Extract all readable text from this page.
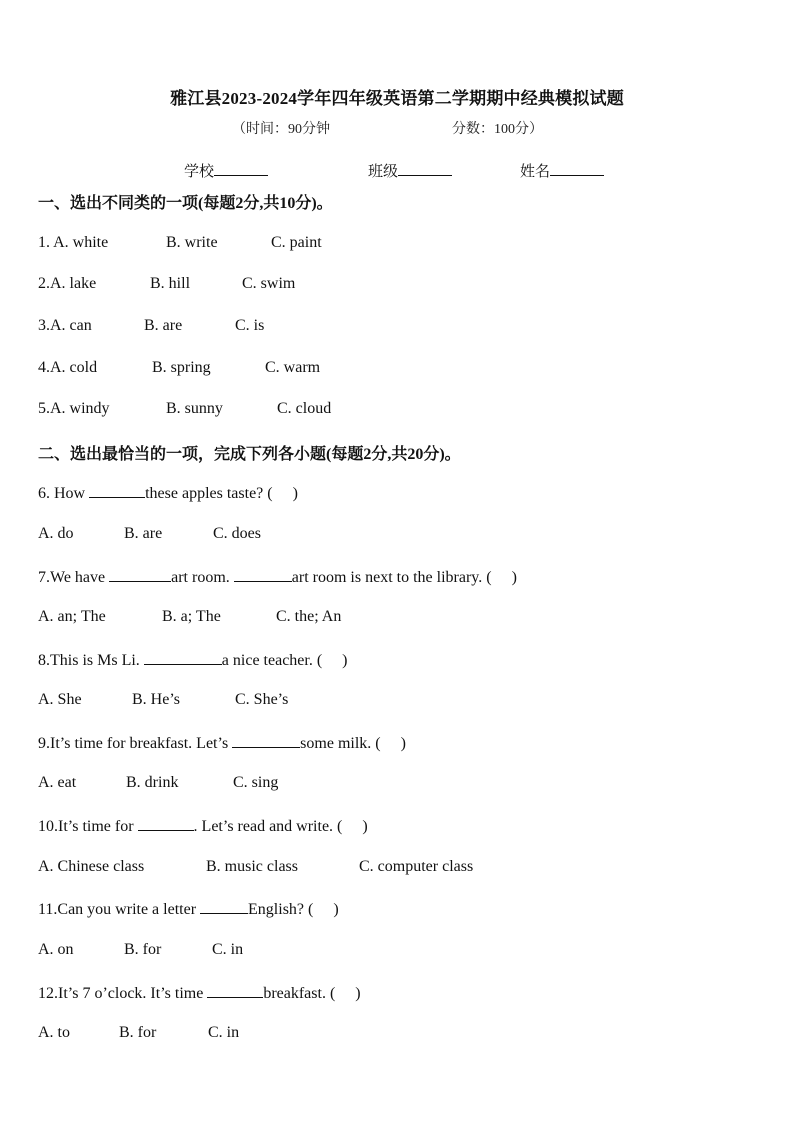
雅江县2023-2024学年四年级英语第二学期期中经典模拟试题
（时间：90分钟	分数：100分）
学校	班级	姓名
一、选出不同类的一项(每题2分,共10分)。
1. A. white	B. write	C. paint
2.A. lake	B. hill	C. swim
3.A. can	B. are	C. is
4.A. cold	B. spring	C. warm
5.A. windy	B. sunny	C. cloud
二、选出最恰当的一项，完成下列各小题(每题2分,共20分)。
6. How	these apples taste? (     )
A. do	B. are	C. does
7.We have	art room.	art room is next to the library. (     )
A. an; The	B. a; The	C. the; An
8.This is Ms Li.	a nice teacher. (     )
A. She	B. He’s	C. She’s
9.It’s time for breakfast. Let’s	some milk. (     )
A. eat	B. drink	C. sing
10.It’s time for	. Let’s read and write. (     )
A. Chinese class	B. music class	C. computer class
11.Can you write a letter	English? (     )
A. on	B. for	C. in
12.It’s 7 o’clock. It’s time	breakfast. (     )
A. to	B. for	C. in
